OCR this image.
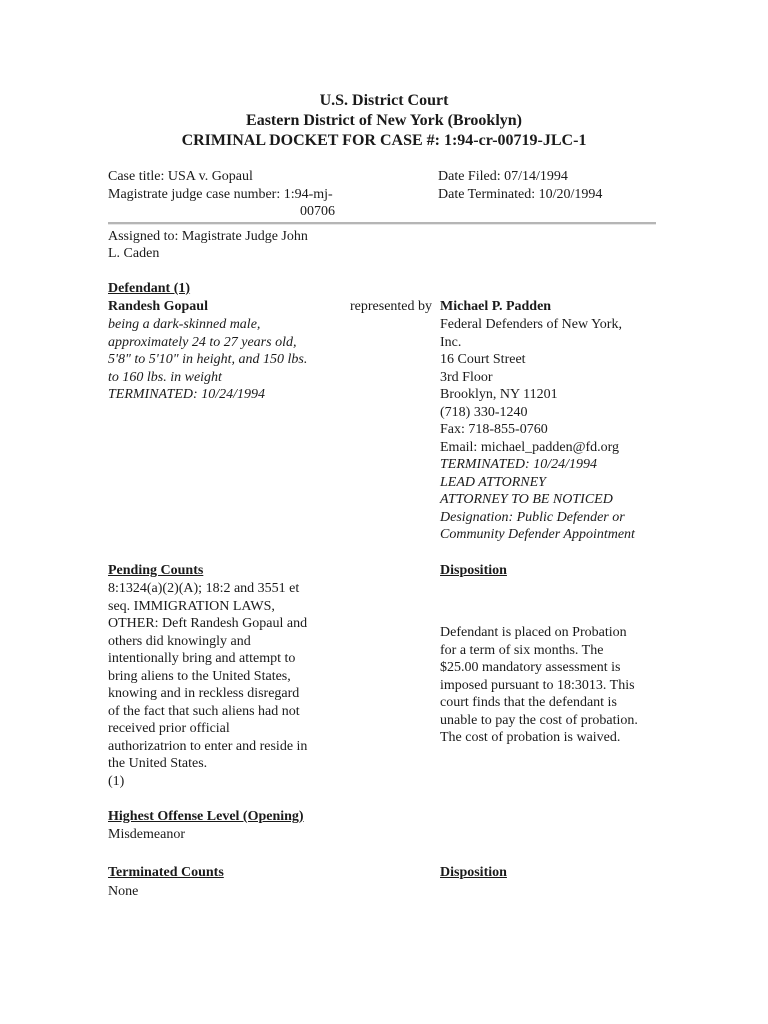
U.S. District Court
Eastern District of New York (Brooklyn)
CRIMINAL DOCKET FOR CASE #: 1:94-cr-00719-JLC-1
Case title: USA v. Gopaul
Magistrate judge case number: 1:94-mj-
00706
Date Filed: 07/14/1994
Date Terminated: 10/20/1994
Assigned to: Magistrate Judge John
L. Caden
Defendant (1)
Randesh Gopaul
being a dark-skinned male,
approximately 24 to 27 years old,
5'8" to 5'10" in height, and 150 lbs.
to 160 lbs. in weight
TERMINATED: 10/24/1994
represented by Michael P. Padden
Federal Defenders of New York,
Inc.
16 Court Street
3rd Floor
Brooklyn, NY 11201
(718) 330-1240
Fax: 718-855-0760
Email: michael_padden@fd.org
TERMINATED: 10/24/1994
LEAD ATTORNEY
ATTORNEY TO BE NOTICED
Designation: Public Defender or
Community Defender Appointment
Pending Counts	Disposition
8:1324(a)(2)(A); 18:2 and 3551 et
seq. IMMIGRATION LAWS,
OTHER: Deft Randesh Gopaul and
others did knowingly and
intentionally bring and attempt to
bring aliens to the United States,
knowing and in reckless disregard
of the fact that such aliens had not
received prior official
authorizatrion to enter and reside in
the United States.
(1)
Defendant is placed on Probation
for a term of six months. The
$25.00 mandatory assessment is
imposed pursuant to 18:3013. This
court finds that the defendant is
unable to pay the cost of probation.
The cost of probation is waived.
Highest Offense Level (Opening)
Misdemeanor
Terminated Counts	Disposition
None
